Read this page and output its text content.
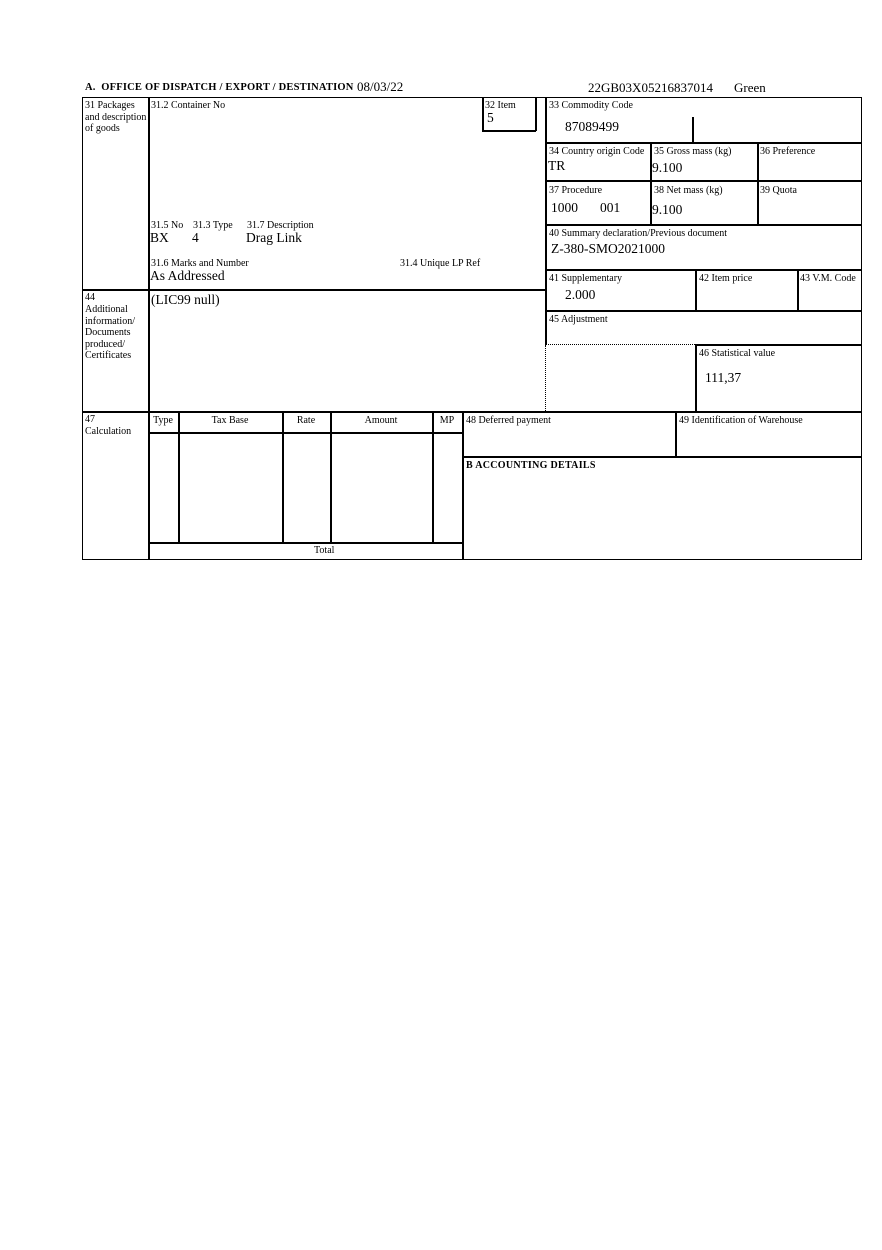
A.  OFFICE OF DISPATCH / EXPORT / DESTINATION 08/03/22	22GB03X05216837014 Green
31 Packages and description of goods
31.2 Container No	32 Item
5
31.5 No 31.3 Type 31.7 Description
BX 4	Drag Link
31.6 Marks and Number	31.4 Unique LP Ref
As Addressed
33 Commodity Code
87089499
34 Country origin Code
TR
35 Gross mass (kg)
9.100
36 Preference
37 Procedure
1000 001
38 Net mass (kg)
9.100
39 Quota
40 Summary declaration/Previous document
Z-380-SMO2021000
41 Supplementary
2.000
42 Item price	43 V.M. Code
45 Adjustment
46 Statistical value
111,37
44
Additional information/ Documents produced/ Certificates
(LIC99 null)
47
Calculation
Type	Tax Base	Rate	Amount	MP
Total
48 Deferred payment	49 Identification of Warehouse
B ACCOUNTING DETAILS
